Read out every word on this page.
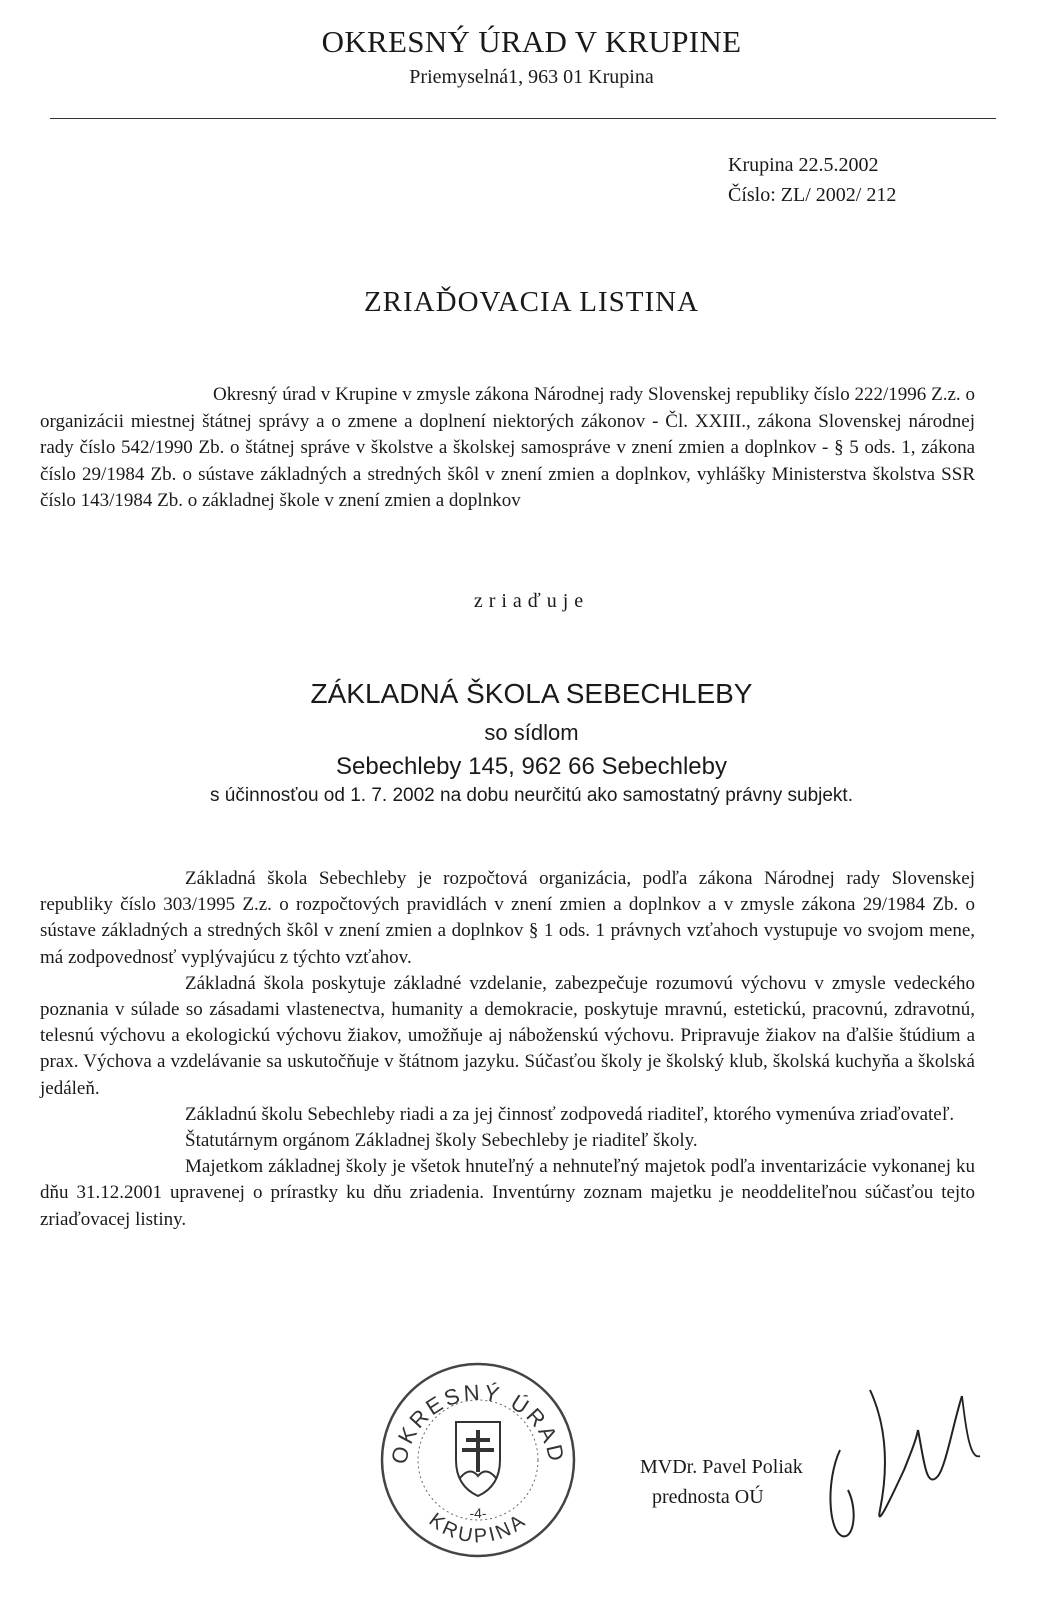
OKRESNÝ ÚRAD V KRUPINE
Priemyselná1, 963 01 Krupina
Krupina 22.5.2002
Číslo: ZL/ 2002/ 212
ZRIAĎOVACIA LISTINA
Okresný úrad v Krupine v zmysle zákona Národnej rady Slovenskej republiky číslo 222/1996 Z.z. o organizácii miestnej štátnej správy a o zmene a doplnení niektorých zákonov - Čl. XXIII., zákona Slovenskej národnej rady číslo 542/1990 Zb. o štátnej správe v školstve a školskej samospráve v znení zmien a doplnkov - § 5 ods. 1, zákona číslo 29/1984 Zb. o sústave základných a stredných škôl v znení zmien a doplnkov, vyhlášky Ministerstva školstva SSR číslo 143/1984 Zb. o základnej škole v znení zmien a doplnkov
zriaďuje
ZÁKLADNÁ ŠKOLA SEBECHLEBY
so sídlom
Sebechleby 145, 962 66 Sebechleby
s účinnosťou od 1. 7. 2002 na dobu neurčitú ako samostatný právny subjekt.

Základná škola Sebechleby je rozpočtová organizácia, podľa zákona Národnej rady Slovenskej republiky číslo 303/1995 Z.z. o rozpočtových pravidlách v znení zmien a doplnkov a v zmysle zákona 29/1984 Zb. o sústave základných a stredných škôl v znení zmien a doplnkov § 1 ods. 1 právnych vzťahoch vystupuje vo svojom mene, má zodpovednosť vyplývajúcu z týchto vzťahov.

Základná škola poskytuje základné vzdelanie, zabezpečuje rozumovú výchovu v zmysle vedeckého poznania v súlade so zásadami vlastenectva, humanity a demokracie, poskytuje mravnú, estetickú, pracovnú, zdravotnú, telesnú výchovu a ekologickú výchovu žiakov, umožňuje aj náboženskú výchovu. Pripravuje žiakov na ďalšie štúdium a prax. Výchova a vzdelávanie sa uskutočňuje v štátnom jazyku. Súčasťou školy je školský klub, školská kuchyňa a školská jedáleň.

Základnú školu Sebechleby riadi a za jej činnosť zodpovedá riaditeľ, ktorého vymenúva zriaďovateľ.

Štatutárnym orgánom Základnej školy Sebechleby je riaditeľ školy.

Majetkom základnej školy je všetok hnuteľný a nehnuteľný majetok podľa inventarizácie vykonanej ku dňu 31.12.2001 upravenej o prírastky ku dňu zriadenia. Inventúrny zoznam majetku je neoddeliteľnou súčasťou tejto zriaďovacej listiny.

OKRESNÝ ÚRAD
KRUPINA
-4-
MVDr. Pavel Poliak
prednosta OÚ
